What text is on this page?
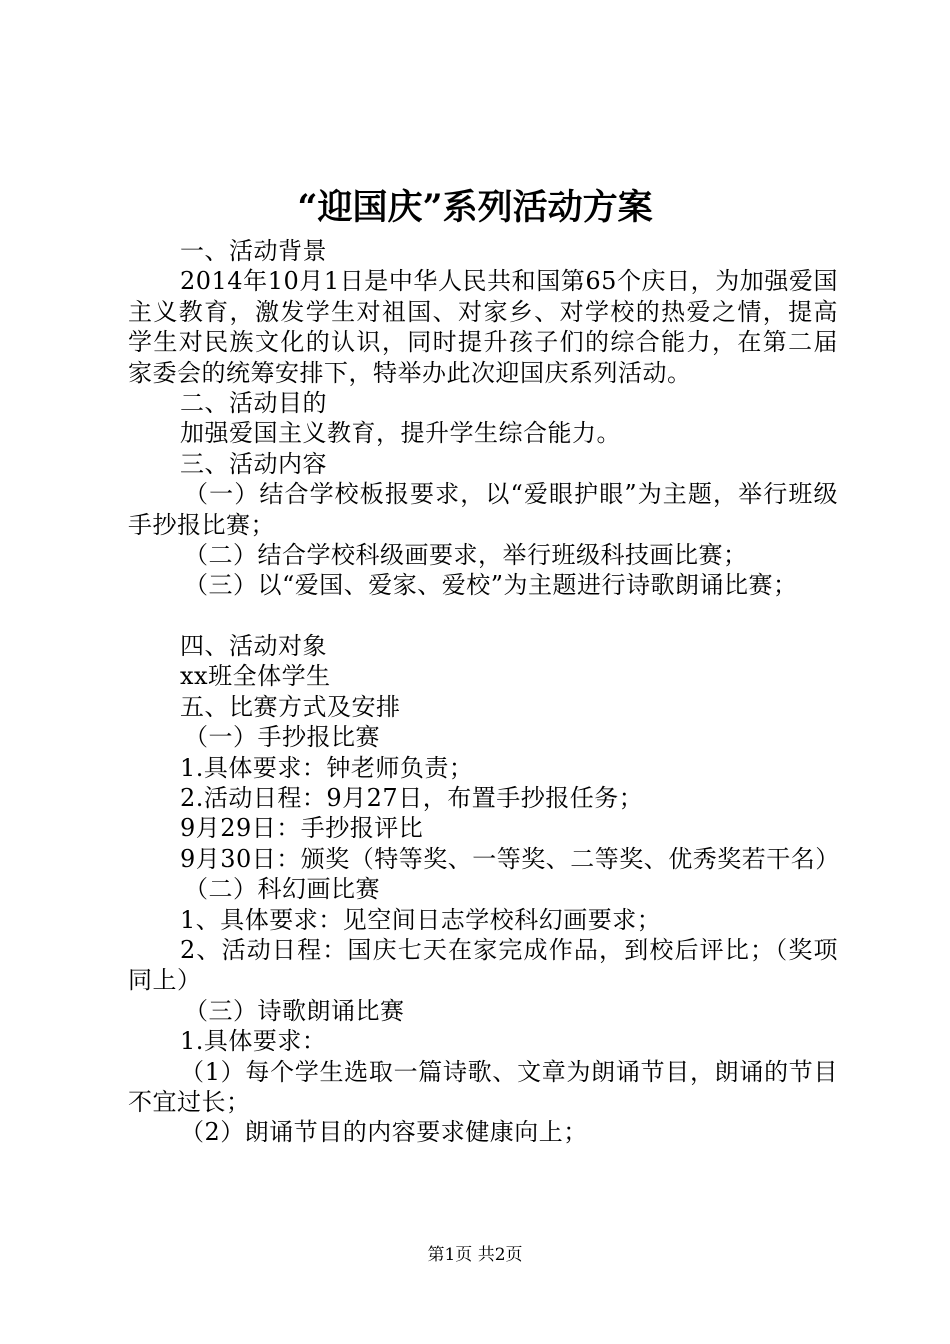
“迎国庆”系列活动方案

一、活动背景

2014年10月1日是中华人民共和国第65个庆日，为加强爱国主义教育，激发学生对祖国、对家乡、对学校的热爱之情，提高学生对民族文化的认识，同时提升孩子们的综合能力，在第二届家委会的统筹安排下，特举办此次迎国庆系列活动。

二、活动目的

加强爱国主义教育，提升学生综合能力。

三、活动内容

（一）结合学校板报要求，以“爱眼护眼”为主题，举行班级手抄报比赛；

（二）结合学校科级画要求，举行班级科技画比赛；

（三）以“爱国、爱家、爱校”为主题进行诗歌朗诵比赛；

四、活动对象

xx班全体学生

五、比赛方式及安排

（一）手抄报比赛

1.具体要求：钟老师负责；

2.活动日程：9月27日，布置手抄报任务；

9月29日：手抄报评比

9月30日：颁奖（特等奖、一等奖、二等奖、优秀奖若干名）

（二）科幻画比赛

1、具体要求：见空间日志学校科幻画要求；

2、活动日程：国庆七天在家完成作品，到校后评比；（奖项同上）

（三）诗歌朗诵比赛

1.具体要求：

（1）每个学生选取一篇诗歌、文章为朗诵节目，朗诵的节目不宜过长；

（2）朗诵节目的内容要求健康向上；

第1页 共2页
